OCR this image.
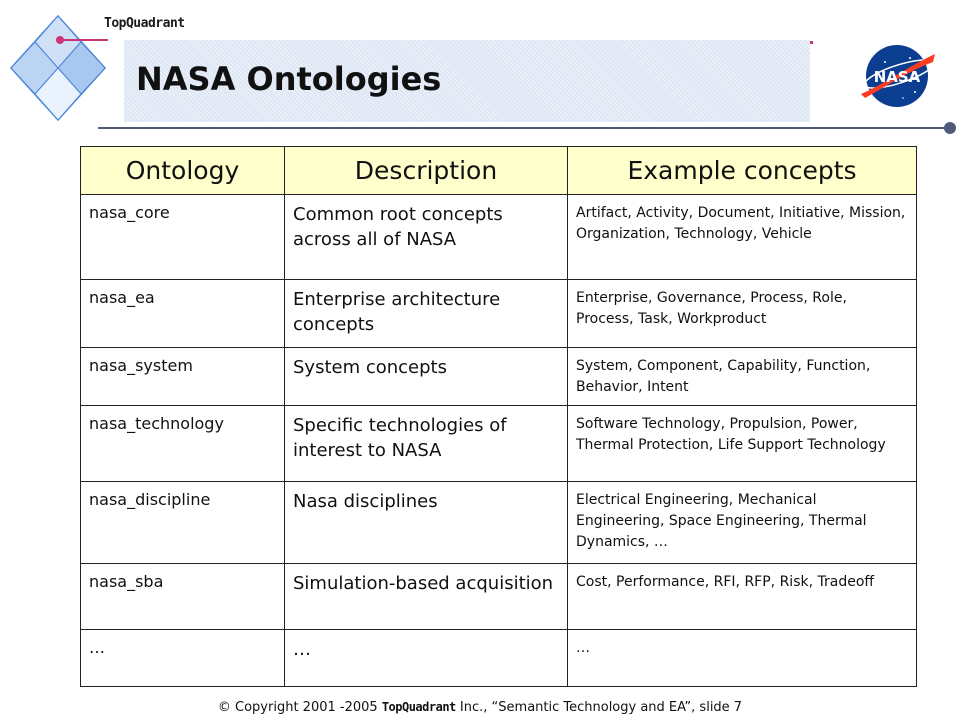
TopQuadrant
NASA Ontologies	NASA
Ontology	Description	Example concepts
nasa_core	Common root concepts across all of NASA	Artifact, Activity, Document, Initiative, Mission, Organization, Technology, Vehicle
nasa_ea	Enterprise architecture concepts	Enterprise, Governance, Process, Role, Process, Task, Workproduct
nasa_system	System concepts	System, Component, Capability, Function, Behavior, Intent
nasa_technology	Specific technologies of interest to NASA	Software Technology, Propulsion, Power, Thermal Protection, Life Support Technology
nasa_discipline	Nasa disciplines	Electrical Engineering, Mechanical Engineering, Space Engineering, Thermal Dynamics, …
nasa_sba	Simulation-based acquisition	Cost, Performance, RFI, RFP, Risk, Tradeoff
…	…	…
© Copyright 2001 -2005 TopQuadrant Inc., “Semantic Technology and EA”, slide 7
